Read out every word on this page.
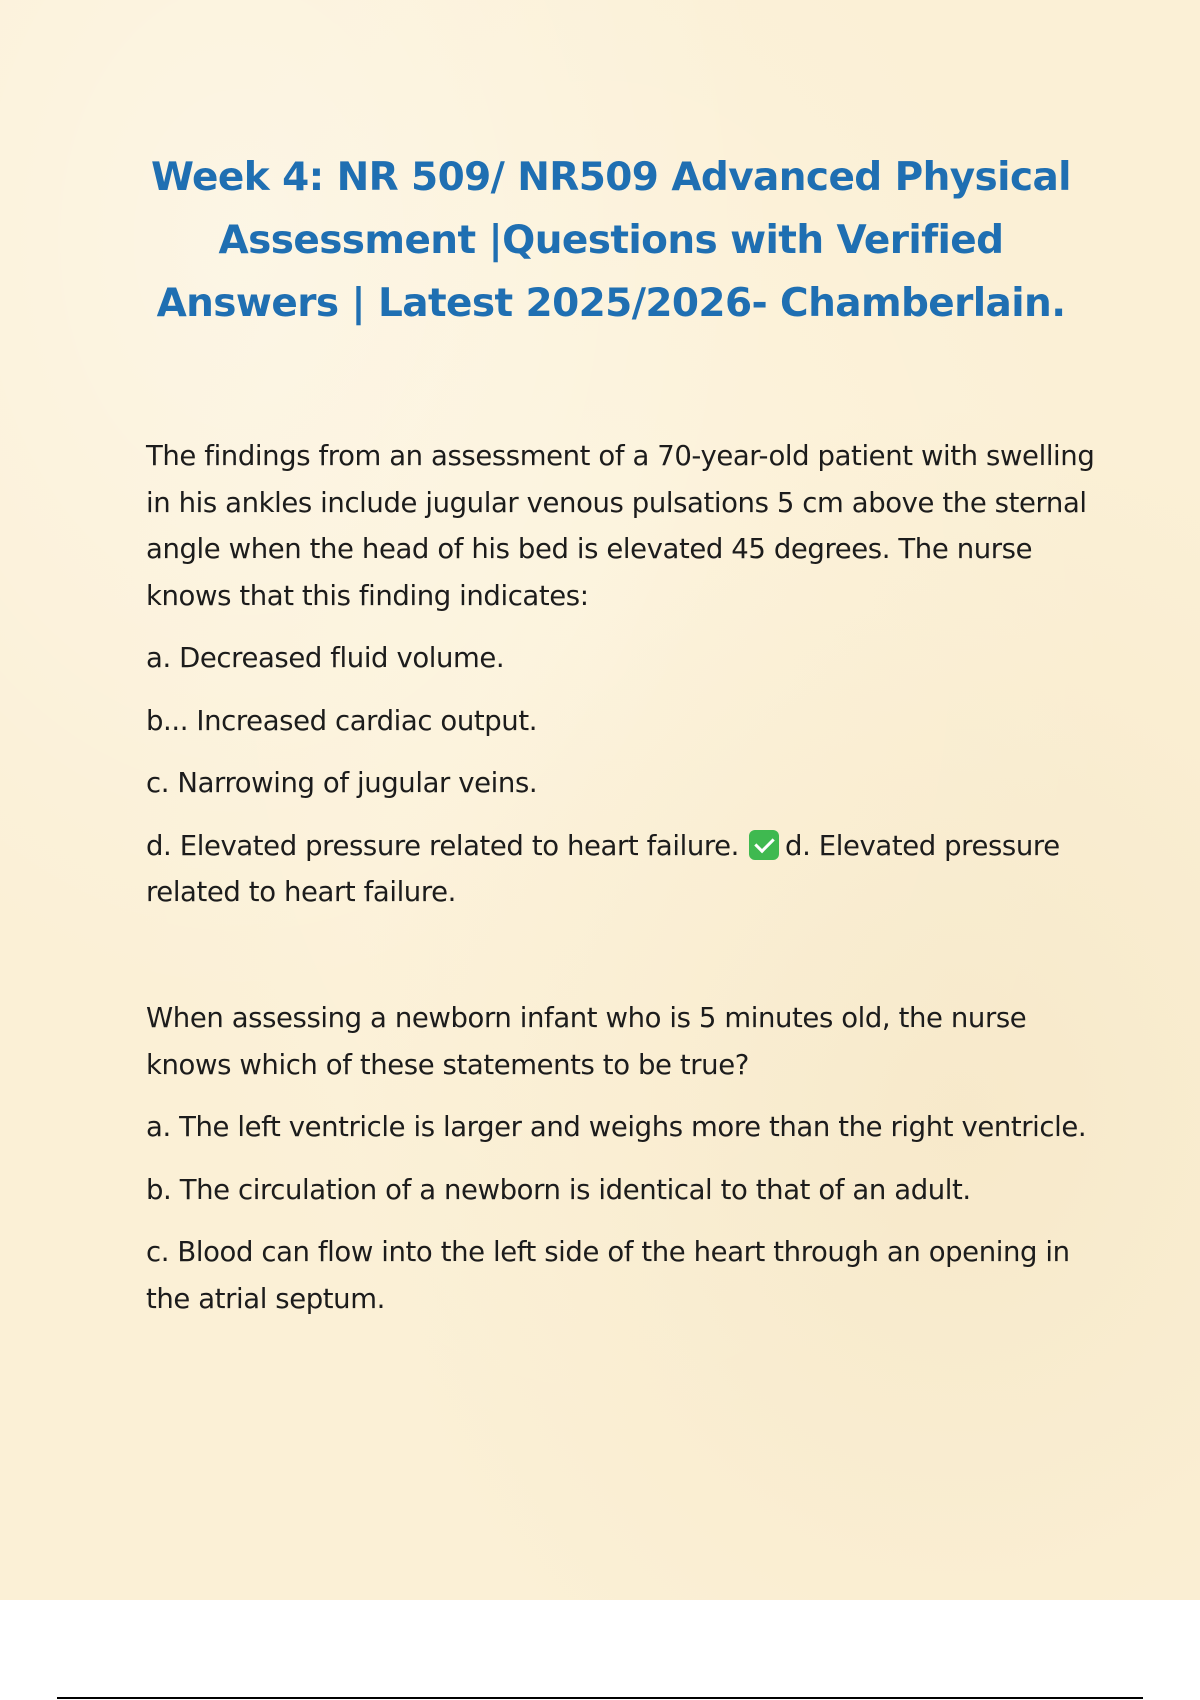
Week 4: NR 509/ NR509 Advanced Physical Assessment |Questions with Verified Answers | Latest 2025/2026- Chamberlain.

The findings from an assessment of a 70-year-old patient with swelling in his ankles include jugular venous pulsations 5 cm above the sternal angle when the head of his bed is elevated 45 degrees. The nurse knows that this finding indicates:

a. Decreased fluid volume.

b... Increased cardiac output.

c. Narrowing of jugular veins.

d. Elevated pressure related to heart failure. d. Elevated pressure related to heart failure.

When assessing a newborn infant who is 5 minutes old, the nurse knows which of these statements to be true?

a. The left ventricle is larger and weighs more than the right ventricle.

b. The circulation of a newborn is identical to that of an adult.

c. Blood can flow into the left side of the heart through an opening in the atrial septum.
